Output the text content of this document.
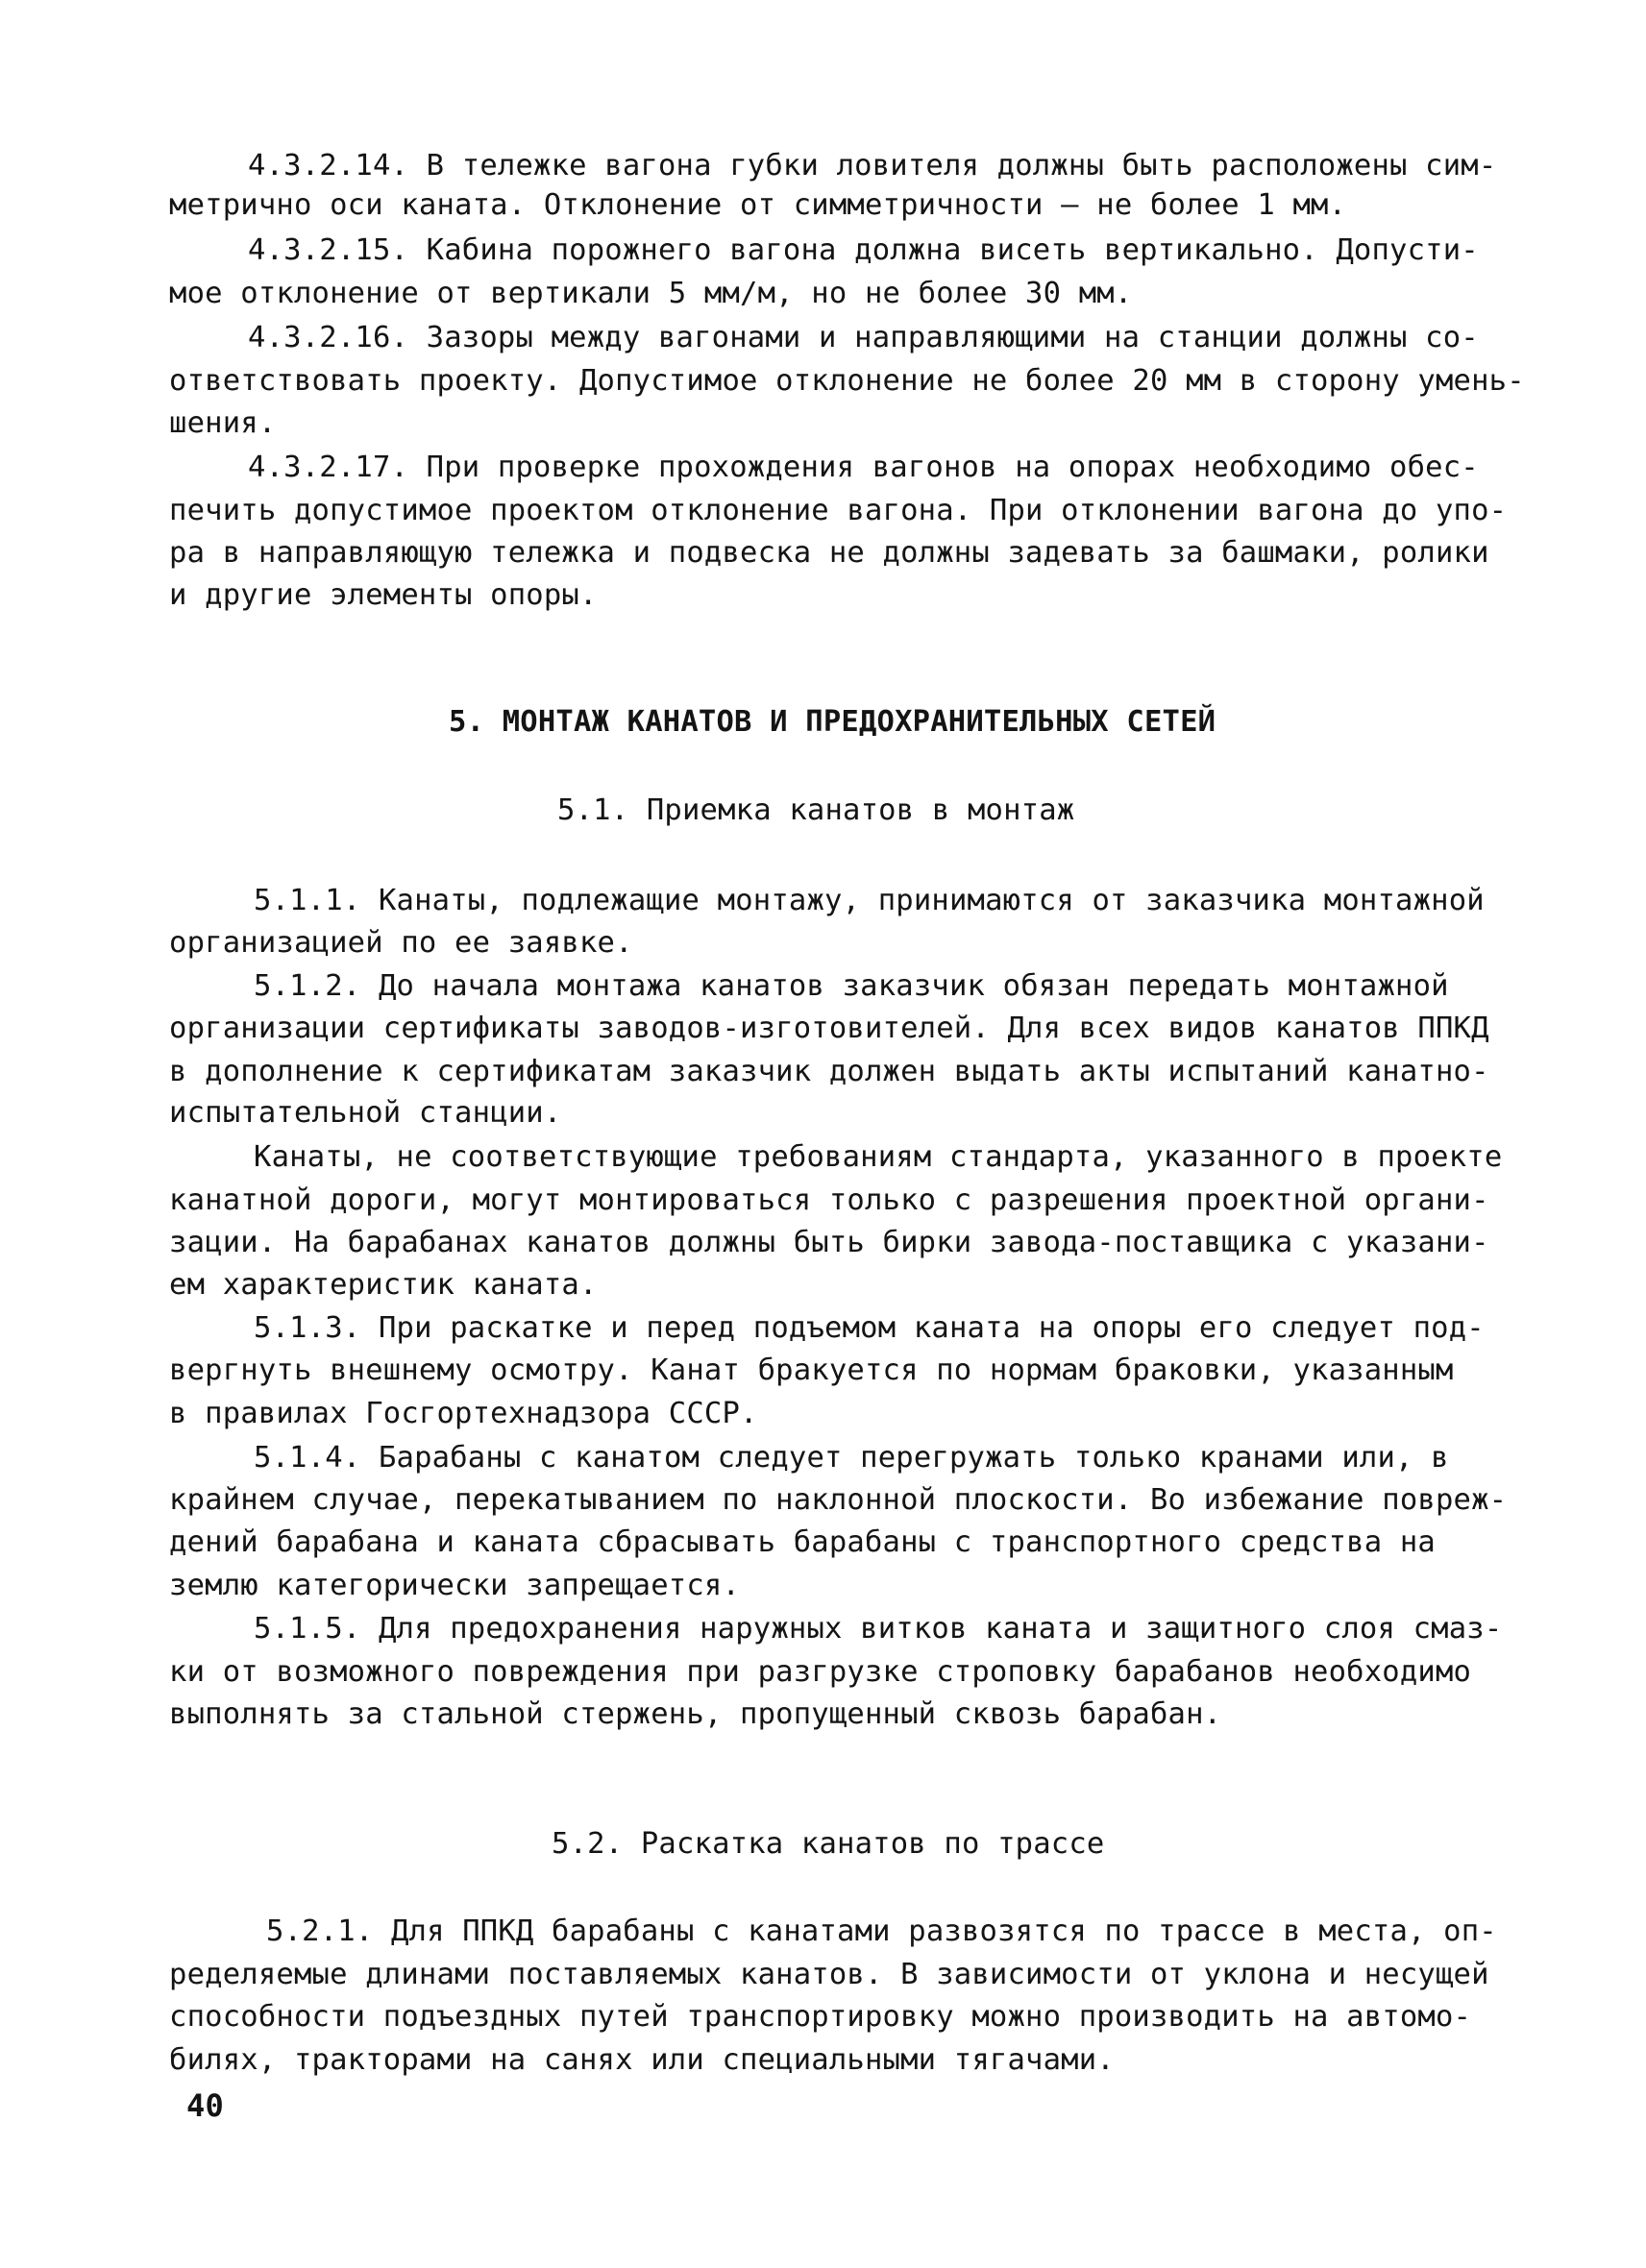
4.3.2.14. В тележке вагона губки ловителя должны быть расположены сим-
метрично оси каната. Отклонение от симметричности – не более 1 мм.
4.3.2.15. Кабина порожнего вагона должна висеть вертикально. Допусти-
мое отклонение от вертикали 5 мм/м, но не более 30 мм.
4.3.2.16. Зазоры между вагонами и направляющими на станции должны со-
ответствовать проекту. Допустимое отклонение не более 20 мм в сторону умень-
шения.
4.3.2.17. При проверке прохождения вагонов на опорах необходимо обес-
печить допустимое проектом отклонение вагона. При отклонении вагона до упо-
ра в направляющую тележка и подвеска не должны задевать за башмаки, ролики
и другие элементы опоры.
5. МОНТАЖ КАНАТОВ И ПРЕДОХРАНИТЕЛЬНЫХ СЕТЕЙ
5.1. Приемка канатов в монтаж
5.1.1. Канаты, подлежащие монтажу, принимаются от заказчика монтажной
организацией по ее заявке.
5.1.2. До начала монтажа канатов заказчик обязан передать монтажной
организации сертификаты заводов-изготовителей. Для всех видов канатов ППКД
в дополнение к сертификатам заказчик должен выдать акты испытаний канатно-
испытательной станции.
Канаты, не соответствующие требованиям стандарта, указанного в проекте
канатной дороги, могут монтироваться только с разрешения проектной органи-
зации. На барабанах канатов должны быть бирки завода-поставщика с указани-
ем характеристик каната.
5.1.3. При раскатке и перед подъемом каната на опоры его следует под-
вергнуть внешнему осмотру. Канат бракуется по нормам браковки, указанным
в правилах Госгортехнадзора СССР.
5.1.4. Барабаны с канатом следует перегружать только кранами или, в
крайнем случае, перекатыванием по наклонной плоскости. Во избежание повреж-
дений барабана и каната сбрасывать барабаны с транспортного средства на
землю категорически запрещается.
5.1.5. Для предохранения наружных витков каната и защитного слоя смаз-
ки от возможного повреждения при разгрузке строповку барабанов необходимо
выполнять за стальной стержень, пропущенный сквозь барабан.
5.2. Раскатка канатов по трассе
5.2.1. Для ППКД барабаны с канатами развозятся по трассе в места, оп-
ределяемые длинами поставляемых канатов. В зависимости от уклона и несущей
способности подъездных путей транспортировку можно производить на автомо-
билях, тракторами на санях или специальными тягачами.
40
